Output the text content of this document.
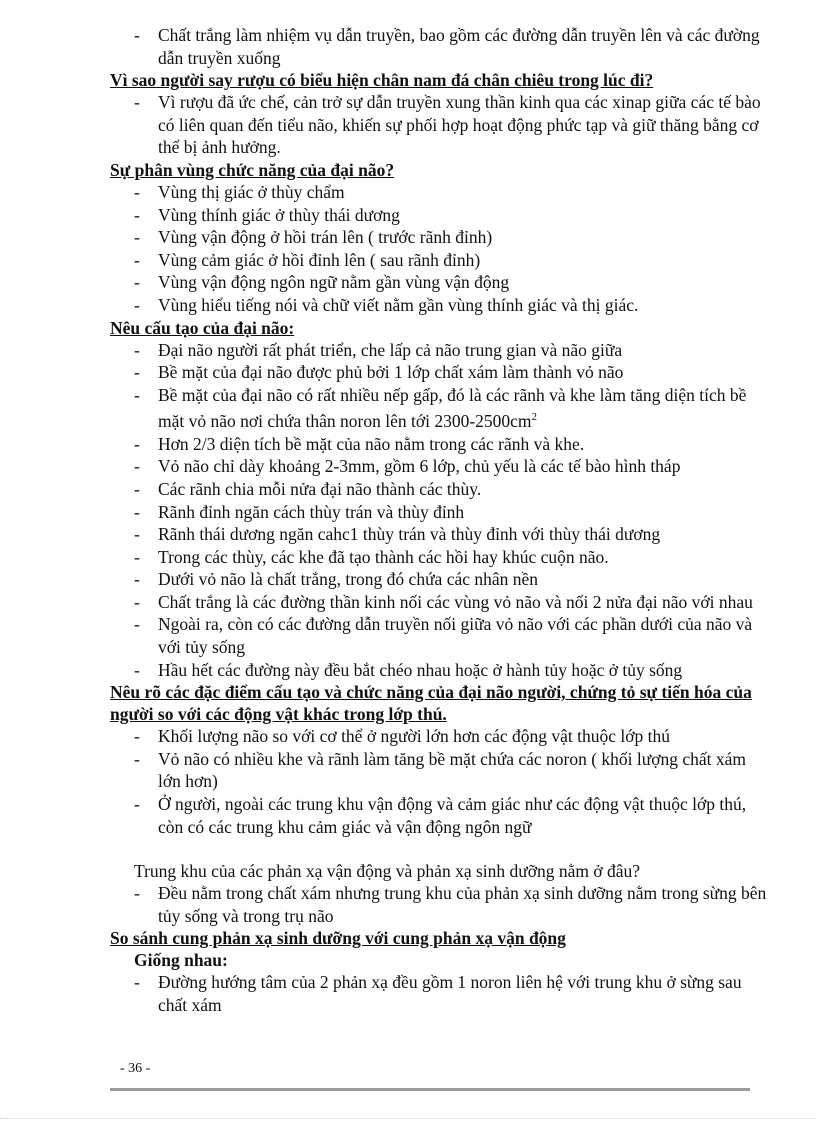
- Chất trắng làm nhiệm vụ dẫn truyền, bao gồm các đường dẫn truyền lên và các đường dẫn truyền xuống

Vì sao người say rượu có biểu hiện chân nam đá chân chiêu trong lúc đi?

- Vì rượu đã ức chế, cản trở sự dẫn truyền xung thần kinh qua các xinap giữa các tế bào có liên quan đến tiểu não, khiến sự phối hợp hoạt động phức tạp và giữ thăng bằng cơ thể bị ảnh hưởng.

Sự phân vùng chức năng của đại não?

- Vùng thị giác ở thùy chẩm
- Vùng thính giác ở thùy thái dương
- Vùng vận động ở hồi trán lên ( trước rãnh đỉnh)
- Vùng cảm giác ở hồi đỉnh lên ( sau rãnh đỉnh)
- Vùng vận động ngôn ngữ nằm gần vùng vận động
- Vùng hiểu tiếng nói và chữ viết nằm gần vùng thính giác và thị giác.

Nêu cấu tạo của đại não:

- Đại não người rất phát triển, che lấp cả não trung gian và não giữa
- Bề mặt của đại não được phủ bởi 1 lớp chất xám làm thành vỏ não
- Bề mặt của đại não có rất nhiều nếp gấp, đó là các rãnh và khe làm tăng diện tích bề mặt vỏ não nơi chứa thân noron lên tới $2300-2500cm^2$
- Hơn 2/3 diện tích bề mặt của não nằm trong các rãnh và khe.
- Vỏ não chỉ dày khoảng 2-3mm, gồm 6 lớp, chủ yếu là các tế bào hình tháp
- Các rãnh chia mỗi nửa đại não thành các thùy.
- Rãnh đỉnh ngăn cách thùy trán và thùy đỉnh
- Rãnh thái dương ngăn cahc1 thùy trán và thùy đỉnh với thùy thái dương
- Trong các thùy, các khe đã tạo thành các hồi hay khúc cuộn não.
- Dưới vỏ não là chất trắng, trong đó chứa các nhân nền
- Chất trắng là các đường thần kinh nối các vùng vỏ não và nối 2 nửa đại não với nhau
- Ngoài ra, còn có các đường dẫn truyền nối giữa vỏ não với các phần dưới của não và với tủy sống
- Hầu hết các đường này đều bắt chéo nhau hoặc ở hành tủy hoặc ở tủy sống

Nêu rõ các đặc điểm cấu tạo và chức năng của đại não người, chứng tỏ sự tiến hóa của người so với các động vật khác trong lớp thú.

- Khối lượng não so với cơ thể ở người lớn hơn các động vật thuộc lớp thú
- Vỏ não có nhiều khe và rãnh làm tăng bề mặt chứa các noron ( khối lượng chất xám lớn hơn)
- Ở người, ngoài các trung khu vận động và cảm giác như các động vật thuộc lớp thú, còn có các trung khu cảm giác và vận động ngôn ngữ

Trung khu của các phản xạ vận động và phản xạ sinh dưỡng nằm ở đâu?

- Đều nằm trong chất xám nhưng trung khu của phản xạ sinh dưỡng nằm trong sừng bên tủy sống và trong trụ não

So sánh cung phản xạ sinh dưỡng với cung phản xạ vận động

Giống nhau:

- Đường hướng tâm của 2 phản xạ đều gồm 1 noron liên hệ với trung khu ở sừng sau chất xám
- 36 -
